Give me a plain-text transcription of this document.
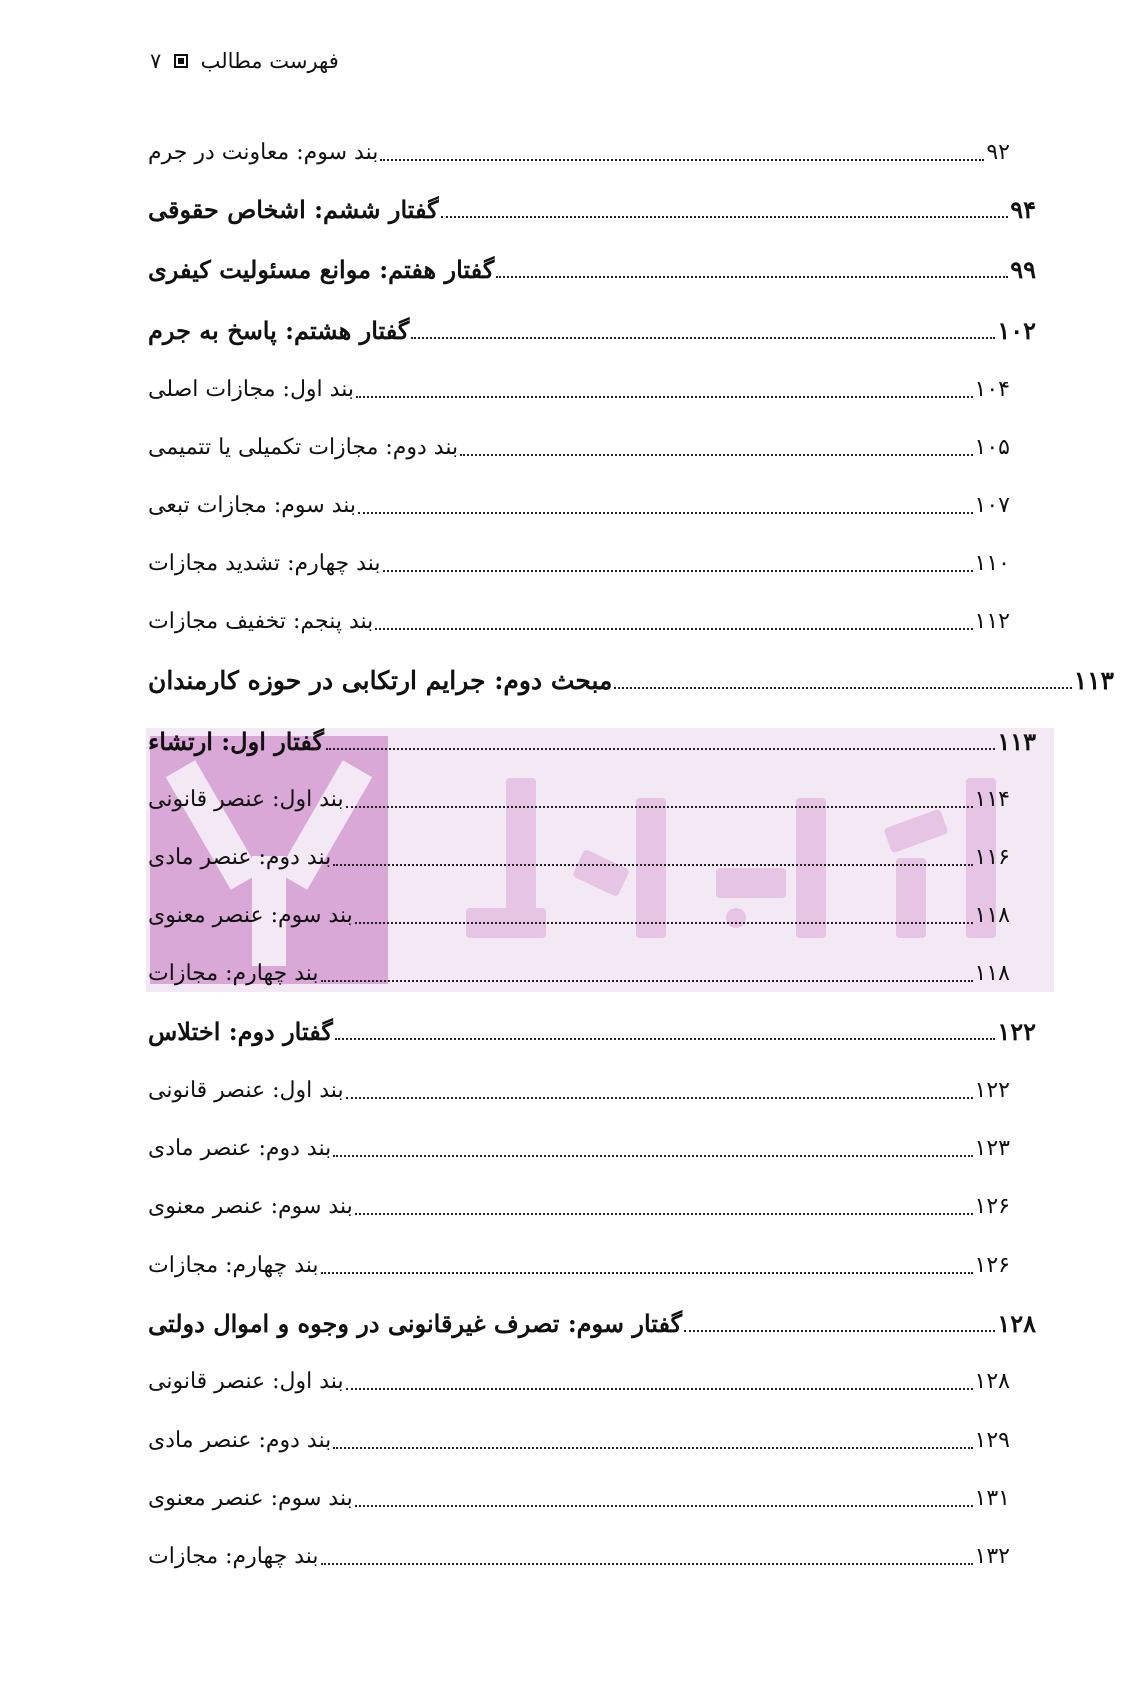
فهرست مطالب  ۷
بند سوم: معاونت در جرم	۹۲
گفتار ششم: اشخاص حقوقی	۹۴
گفتار هفتم: موانع مسئولیت کیفری	۹۹
گفتار هشتم: پاسخ به جرم	۱۰۲
بند اول: مجازات اصلی	۱۰۴
بند دوم: مجازات تکمیلی یا تتمیمی	۱۰۵
بند سوم: مجازات تبعی	۱۰۷
بند چهارم: تشدید مجازات	۱۱۰
بند پنجم: تخفیف مجازات	۱۱۲
مبحث دوم: جرایم ارتکابی در حوزه کارمندان	۱۱۳
گفتار اول: ارتشاء	۱۱۳
بند اول: عنصر قانونی	۱۱۴
بند دوم: عنصر مادی	۱۱۶
بند سوم: عنصر معنوی	۱۱۸
بند چهارم: مجازات	۱۱۸
گفتار دوم: اختلاس	۱۲۲
بند اول: عنصر قانونی	۱۲۲
بند دوم: عنصر مادی	۱۲۳
بند سوم: عنصر معنوی	۱۲۶
بند چهارم: مجازات	۱۲۶
گفتار سوم: تصرف غیرقانونی در وجوه و اموال دولتی	۱۲۸
بند اول: عنصر قانونی	۱۲۸
بند دوم: عنصر مادی	۱۲۹
بند سوم: عنصر معنوی	۱۳۱
بند چهارم: مجازات	۱۳۲
